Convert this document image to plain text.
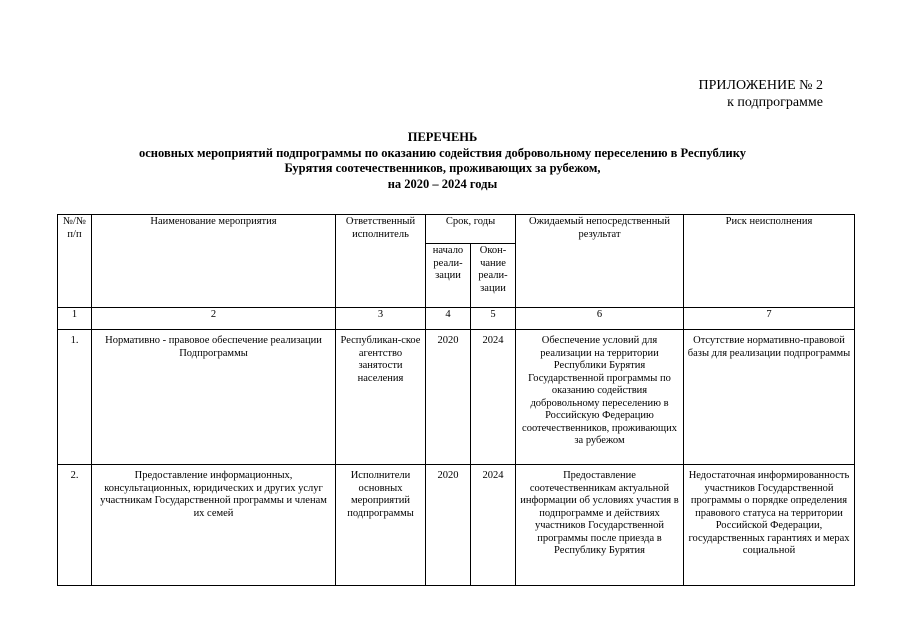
ПРИЛОЖЕНИЕ № 2
к подпрограмме
ПЕРЕЧЕНЬ
основных мероприятий подпрограммы по оказанию содействия добровольному переселению в Республику
Бурятия соотечественников, проживающих за рубежом,
на 2020 – 2024 годы
№/№ п/п	Наименование мероприятия	Ответственный исполнитель	Срок, годы		Ожидаемый непосредственный результат	Риск неисполнения
			начало реали-зации	Окон-чание реали-зации		
1	2	3	4	5	6	7
1.	Нормативно - правовое обеспечение реализации Подпрограммы	Республикан-ское агентство занятости населения	2020	2024	Обеспечение условий для реализации на территории Республики Бурятия Государственной программы по оказанию содействия добровольному переселению в Российскую Федерацию соотечественников, проживающих за рубежом	Отсутствие нормативно-правовой базы для реализации подпрограммы
2.	Предоставление информационных, консультационных, юридических и других услуг участникам Государственной программы и членам их семей	Исполнители основных мероприятий подпрограммы	2020	2024	Предоставление соотечественникам актуальной информации об условиях участия в подпрограмме и действиях участников Государственной программы после приезда в Республику Бурятия	Недостаточная информированность участников Государственной программы о порядке определения правового статуса на территории Российской Федерации, государственных гарантиях и мерах социальной
